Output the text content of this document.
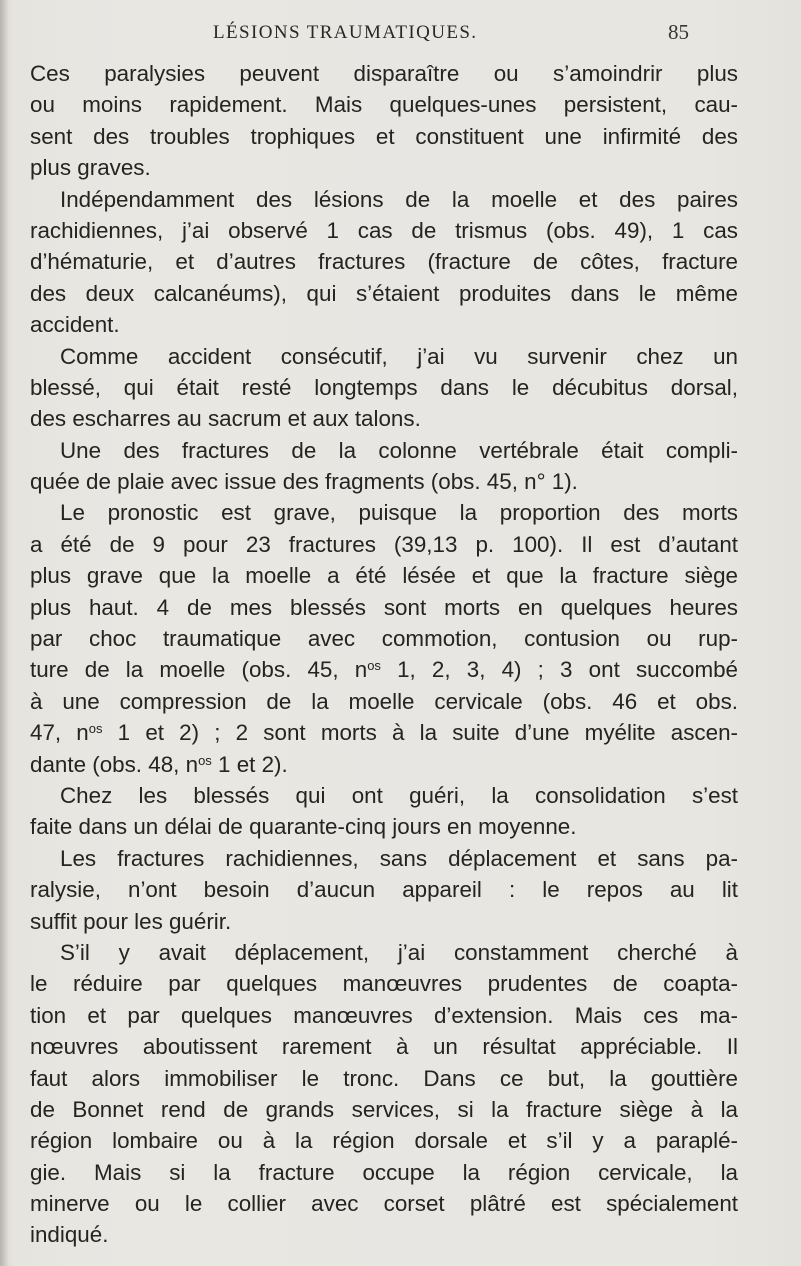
LÉSIONS TRAUMATIQUES.	85
Ces paralysies peuvent disparaître ou s’amoindrir plus
ou moins rapidement. Mais quelques-unes persistent, cau-
sent des troubles trophiques et constituent une infirmité des
plus graves.
Indépendamment des lésions de la moelle et des paires
rachidiennes, j’ai observé 1 cas de trismus (obs. 49), 1 cas
d’hématurie, et d’autres fractures (fracture de côtes, fracture
des deux calcanéums), qui s’étaient produites dans le même
accident.
Comme accident consécutif, j’ai vu survenir chez un
blessé, qui était resté longtemps dans le décubitus dorsal,
des escharres au sacrum et aux talons.
Une des fractures de la colonne vertébrale était compli-
quée de plaie avec issue des fragments (obs. 45, n° 1).
Le pronostic est grave, puisque la proportion des morts
a été de 9 pour 23 fractures (39,13 p. 100). Il est d’autant
plus grave que la moelle a été lésée et que la fracture siège
plus haut. 4 de mes blessés sont morts en quelques heures
par choc traumatique avec commotion, contusion ou rup-
ture de la moelle (obs. 45, $n^{os}$ 1, 2, 3, 4) ; 3 ont succombé
à une compression de la moelle cervicale (obs. 46 et obs.
47, $n^{os}$ 1 et 2) ; 2 sont morts à la suite d’une myélite ascen-
dante (obs. 48, $n^{os}$ 1 et 2).
Chez les blessés qui ont guéri, la consolidation s’est
faite dans un délai de quarante-cinq jours en moyenne.
Les fractures rachidiennes, sans déplacement et sans pa-
ralysie, n’ont besoin d’aucun appareil : le repos au lit
suffit pour les guérir.
S’il y avait déplacement, j’ai constamment cherché à
le réduire par quelques manœuvres prudentes de coapta-
tion et par quelques manœuvres d’extension. Mais ces ma-
nœuvres aboutissent rarement à un résultat appréciable. Il
faut alors immobiliser le tronc. Dans ce but, la gouttière
de Bonnet rend de grands services, si la fracture siège à la
région lombaire ou à la région dorsale et s’il y a paraplé-
gie. Mais si la fracture occupe la région cervicale, la
minerve ou le collier avec corset plâtré est spécialement
indiqué.
